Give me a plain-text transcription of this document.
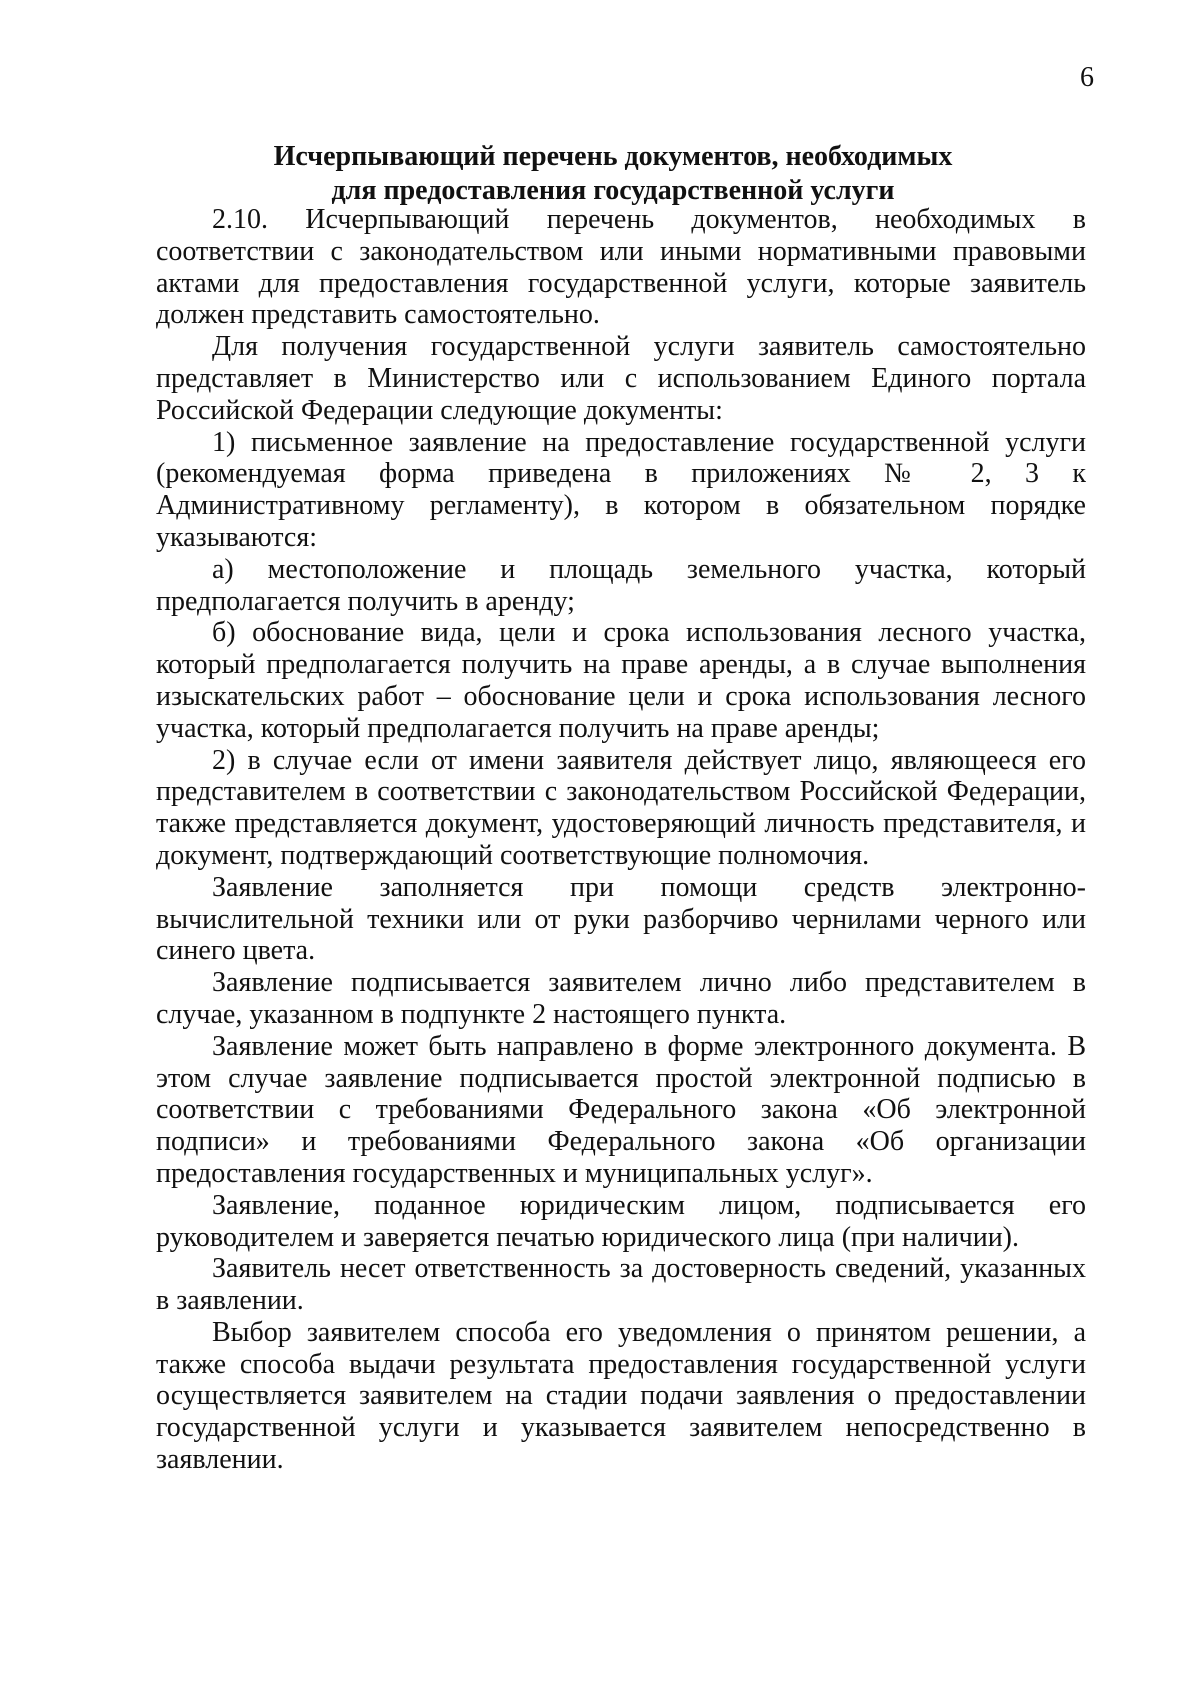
6
Исчерпывающий перечень документов, необходимых
для предоставления государственной услуги

2.10. Исчерпывающий перечень документов, необходимых в соответствии с законодательством или иными нормативными правовыми актами для предоставления государственной услуги, которые заявитель должен представить самостоятельно.

Для получения государственной услуги заявитель самостоятельно представляет в Министерство или с использованием Единого портала Российской Федерации следующие документы:

1) письменное заявление на предоставление государственной услуги (рекомендуемая форма приведена в приложениях № 2, 3 к Административному регламенту), в котором в обязательном порядке указываются:

а) местоположение и площадь земельного участка, который предполагается получить в аренду;

б) обоснование вида, цели и срока использования лесного участка, который предполагается получить на праве аренды, а в случае выполнения изыскательских работ – обоснование цели и срока использования лесного участка, который предполагается получить на праве аренды;

2) в случае если от имени заявителя действует лицо, являющееся его представителем в соответствии с законодательством Российской Федерации, также представляется документ, удостоверяющий личность представителя, и документ, подтверждающий соответствующие полномочия.

Заявление заполняется при помощи средств электронно-вычислительной техники или от руки разборчиво чернилами черного или синего цвета.

Заявление подписывается заявителем лично либо представителем в случае, указанном в подпункте 2 настоящего пункта.

Заявление может быть направлено в форме электронного документа. В этом случае заявление подписывается простой электронной подписью в соответствии с требованиями Федерального закона «Об электронной подписи» и требованиями Федерального закона «Об организации предоставления государственных и муниципальных услуг».

Заявление, поданное юридическим лицом, подписывается его руководителем и заверяется печатью юридического лица (при наличии).

Заявитель несет ответственность за достоверность сведений, указанных в заявлении.

Выбор заявителем способа его уведомления о принятом решении, а также способа выдачи результата предоставления государственной услуги осуществляется заявителем на стадии подачи заявления о предоставлении государственной услуги и указывается заявителем непосредственно в заявлении.
